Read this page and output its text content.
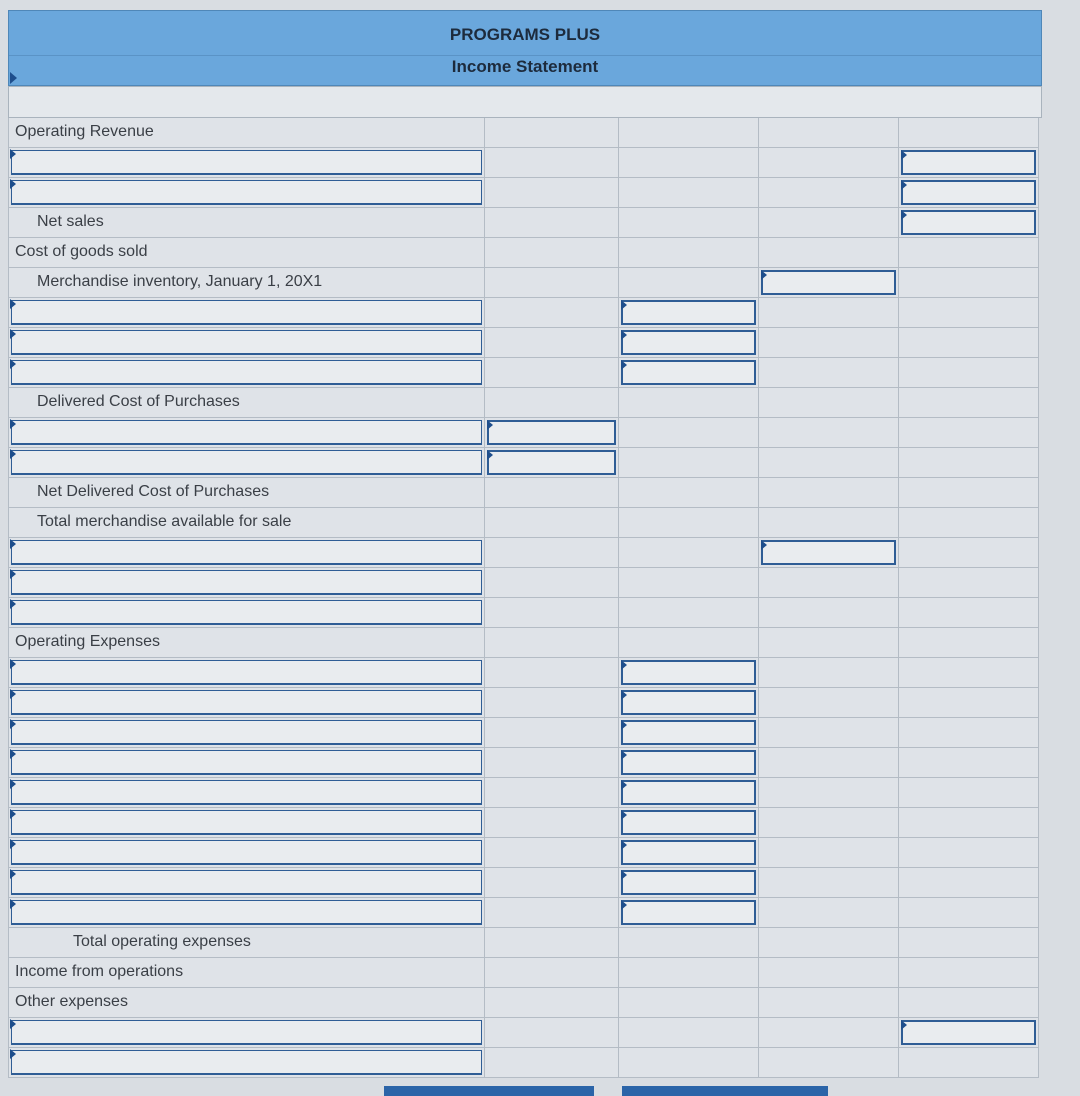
PROGRAMS PLUS
Income Statement
Operating Revenue
Net sales
Cost of goods sold
Merchandise inventory, January 1, 20X1
Delivered Cost of Purchases
Net Delivered Cost of Purchases
Total merchandise available for sale
Operating Expenses
Total operating expenses
Income from operations
Other expenses
